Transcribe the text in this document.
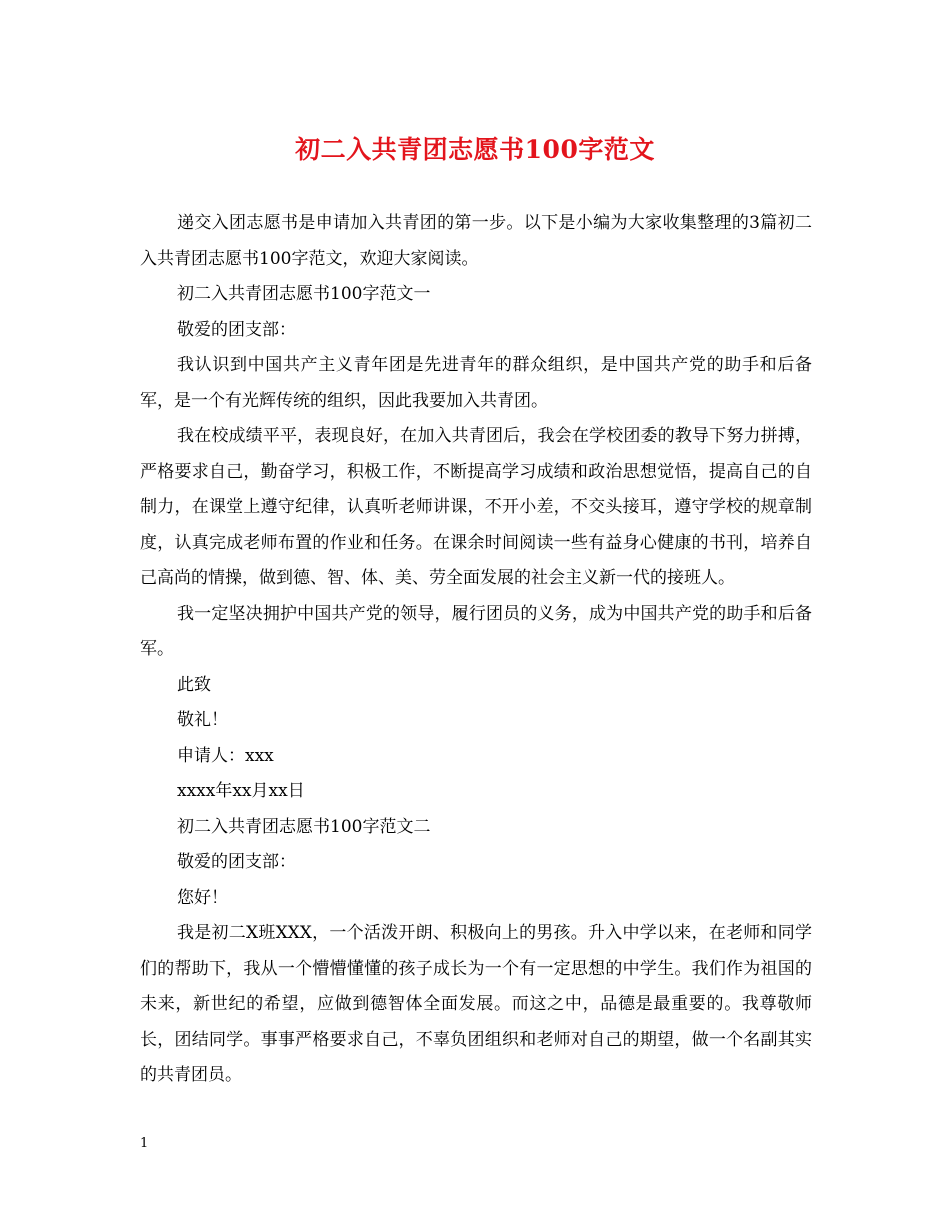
初二入共青团志愿书100字范文

递交入团志愿书是申请加入共青团的第一步。以下是小编为大家收集整理的3篇初二入共青团志愿书100字范文，欢迎大家阅读。

初二入共青团志愿书100字范文一

敬爱的团支部：

我认识到中国共产主义青年团是先进青年的群众组织，是中国共产党的助手和后备军，是一个有光辉传统的组织，因此我要加入共青团。

我在校成绩平平，表现良好，在加入共青团后，我会在学校团委的教导下努力拼搏，严格要求自己，勤奋学习，积极工作，不断提高学习成绩和政治思想觉悟，提高自己的自制力，在课堂上遵守纪律，认真听老师讲课，不开小差，不交头接耳，遵守学校的规章制度，认真完成老师布置的作业和任务。在课余时间阅读一些有益身心健康的书刊，培养自己高尚的情操，做到德、智、体、美、劳全面发展的社会主义新一代的接班人。

我一定坚决拥护中国共产党的领导，履行团员的义务，成为中国共产党的助手和后备军。

此致

敬礼！

申请人：xxx

xxxx年xx月xx日

初二入共青团志愿书100字范文二

敬爱的团支部：

您好！

我是初二X班XXX，一个活泼开朗、积极向上的男孩。升入中学以来，在老师和同学们的帮助下，我从一个懵懵懂懂的孩子成长为一个有一定思想的中学生。我们作为祖国的未来，新世纪的希望，应做到德智体全面发展。而这之中，品德是最重要的。我尊敬师长，团结同学。事事严格要求自己，不辜负团组织和老师对自己的期望，做一个名副其实的共青团员。

1
